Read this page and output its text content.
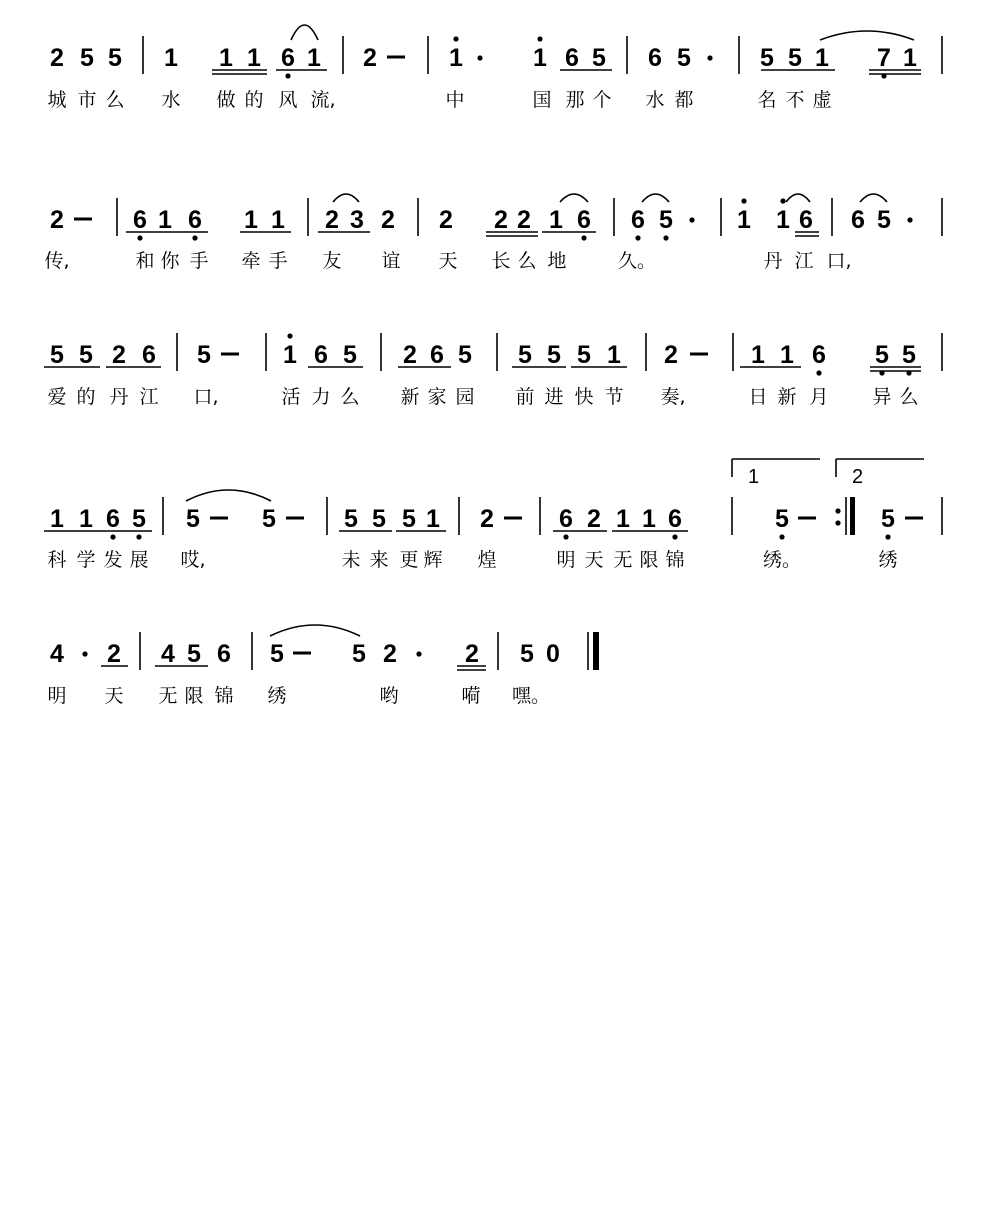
2 5 5 1 1 1 6 1 2	1	1 6 5 6 5	5 5 1 7 1
城 市 么 水 做 的 风 流,	中	国 那 个 水 都	名 不 虚
2	6 1 6 1 1 2 3 2 2 2 2 1 6 6 5	1 1 6 6 5
传,	和 你 手 牵 手 友 谊 天 长 么 地	久。	丹 江 口,
5 5 2 6 5	1 6 5 2 6 5 5 5 5 1 2	1 1 6 5 5
爱 的 丹 江 口,	活 力 么 新 家 园 前 进 快 节 奏,	日 新 月 异 么
1 1 6 5 5 5	5 5 5 1 2	6 2 1 1 6	5	5
科 学 发 展 哎,	未 来 更 辉 煌	明 天 无 限 锦	绣。	绣
1	2
4 2 4 5 6 5	5 2	2 5 0
明 天 无 限 锦 绣	哟	嗬 嘿。
